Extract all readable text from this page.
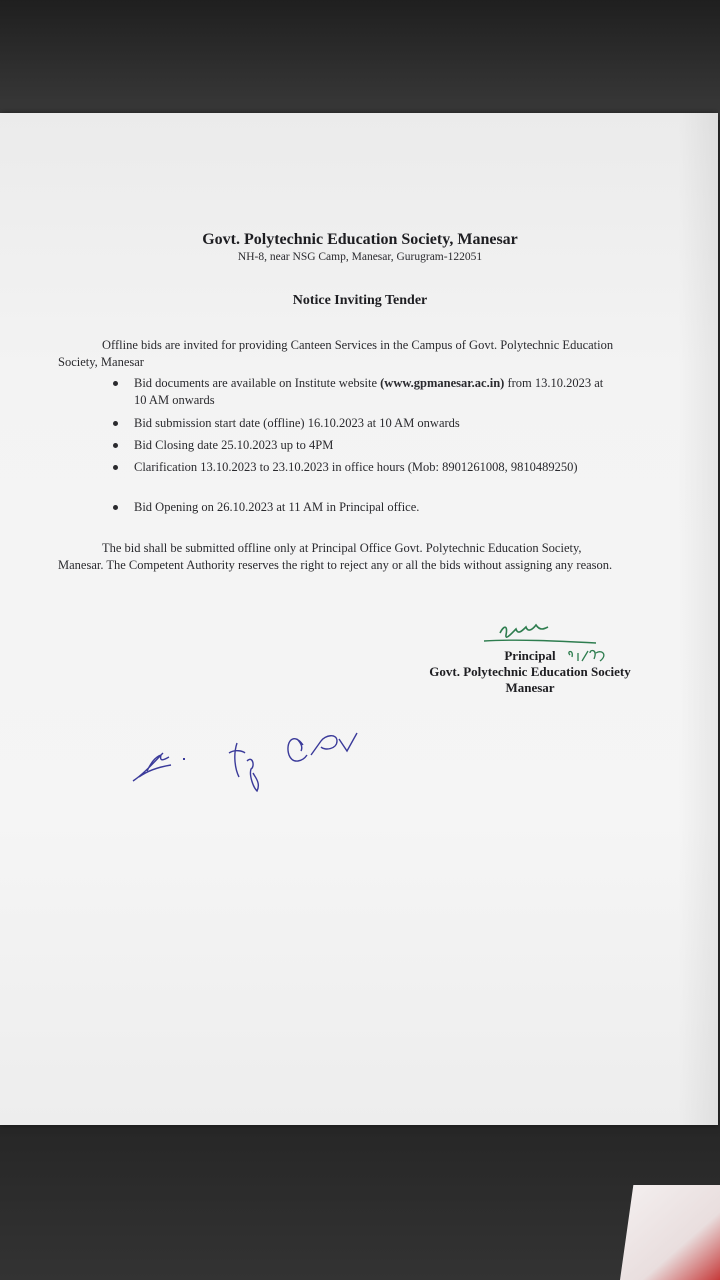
Govt. Polytechnic Education Society, Manesar
NH-8, near NSG Camp, Manesar, Gurugram-122051
Notice Inviting Tender
Offline bids are invited for providing Canteen Services in the Campus of Govt. Polytechnic Education Society, Manesar
Bid documents are available on Institute website (www.gpmanesar.ac.in) from 13.10.2023 at 10 AM onwards
Bid submission start date (offline) 16.10.2023 at 10 AM onwards
Bid Closing date 25.10.2023 up to 4PM
Clarification 13.10.2023 to 23.10.2023 in office hours (Mob: 8901261008, 9810489250)
Bid Opening on 26.10.2023 at 11 AM in Principal office.
The bid shall be submitted offline only at Principal Office Govt. Polytechnic Education Society, Manesar. The Competent Authority reserves the right to reject any or all the bids without assigning any reason.
Principal
Govt. Polytechnic Education Society
Manesar
